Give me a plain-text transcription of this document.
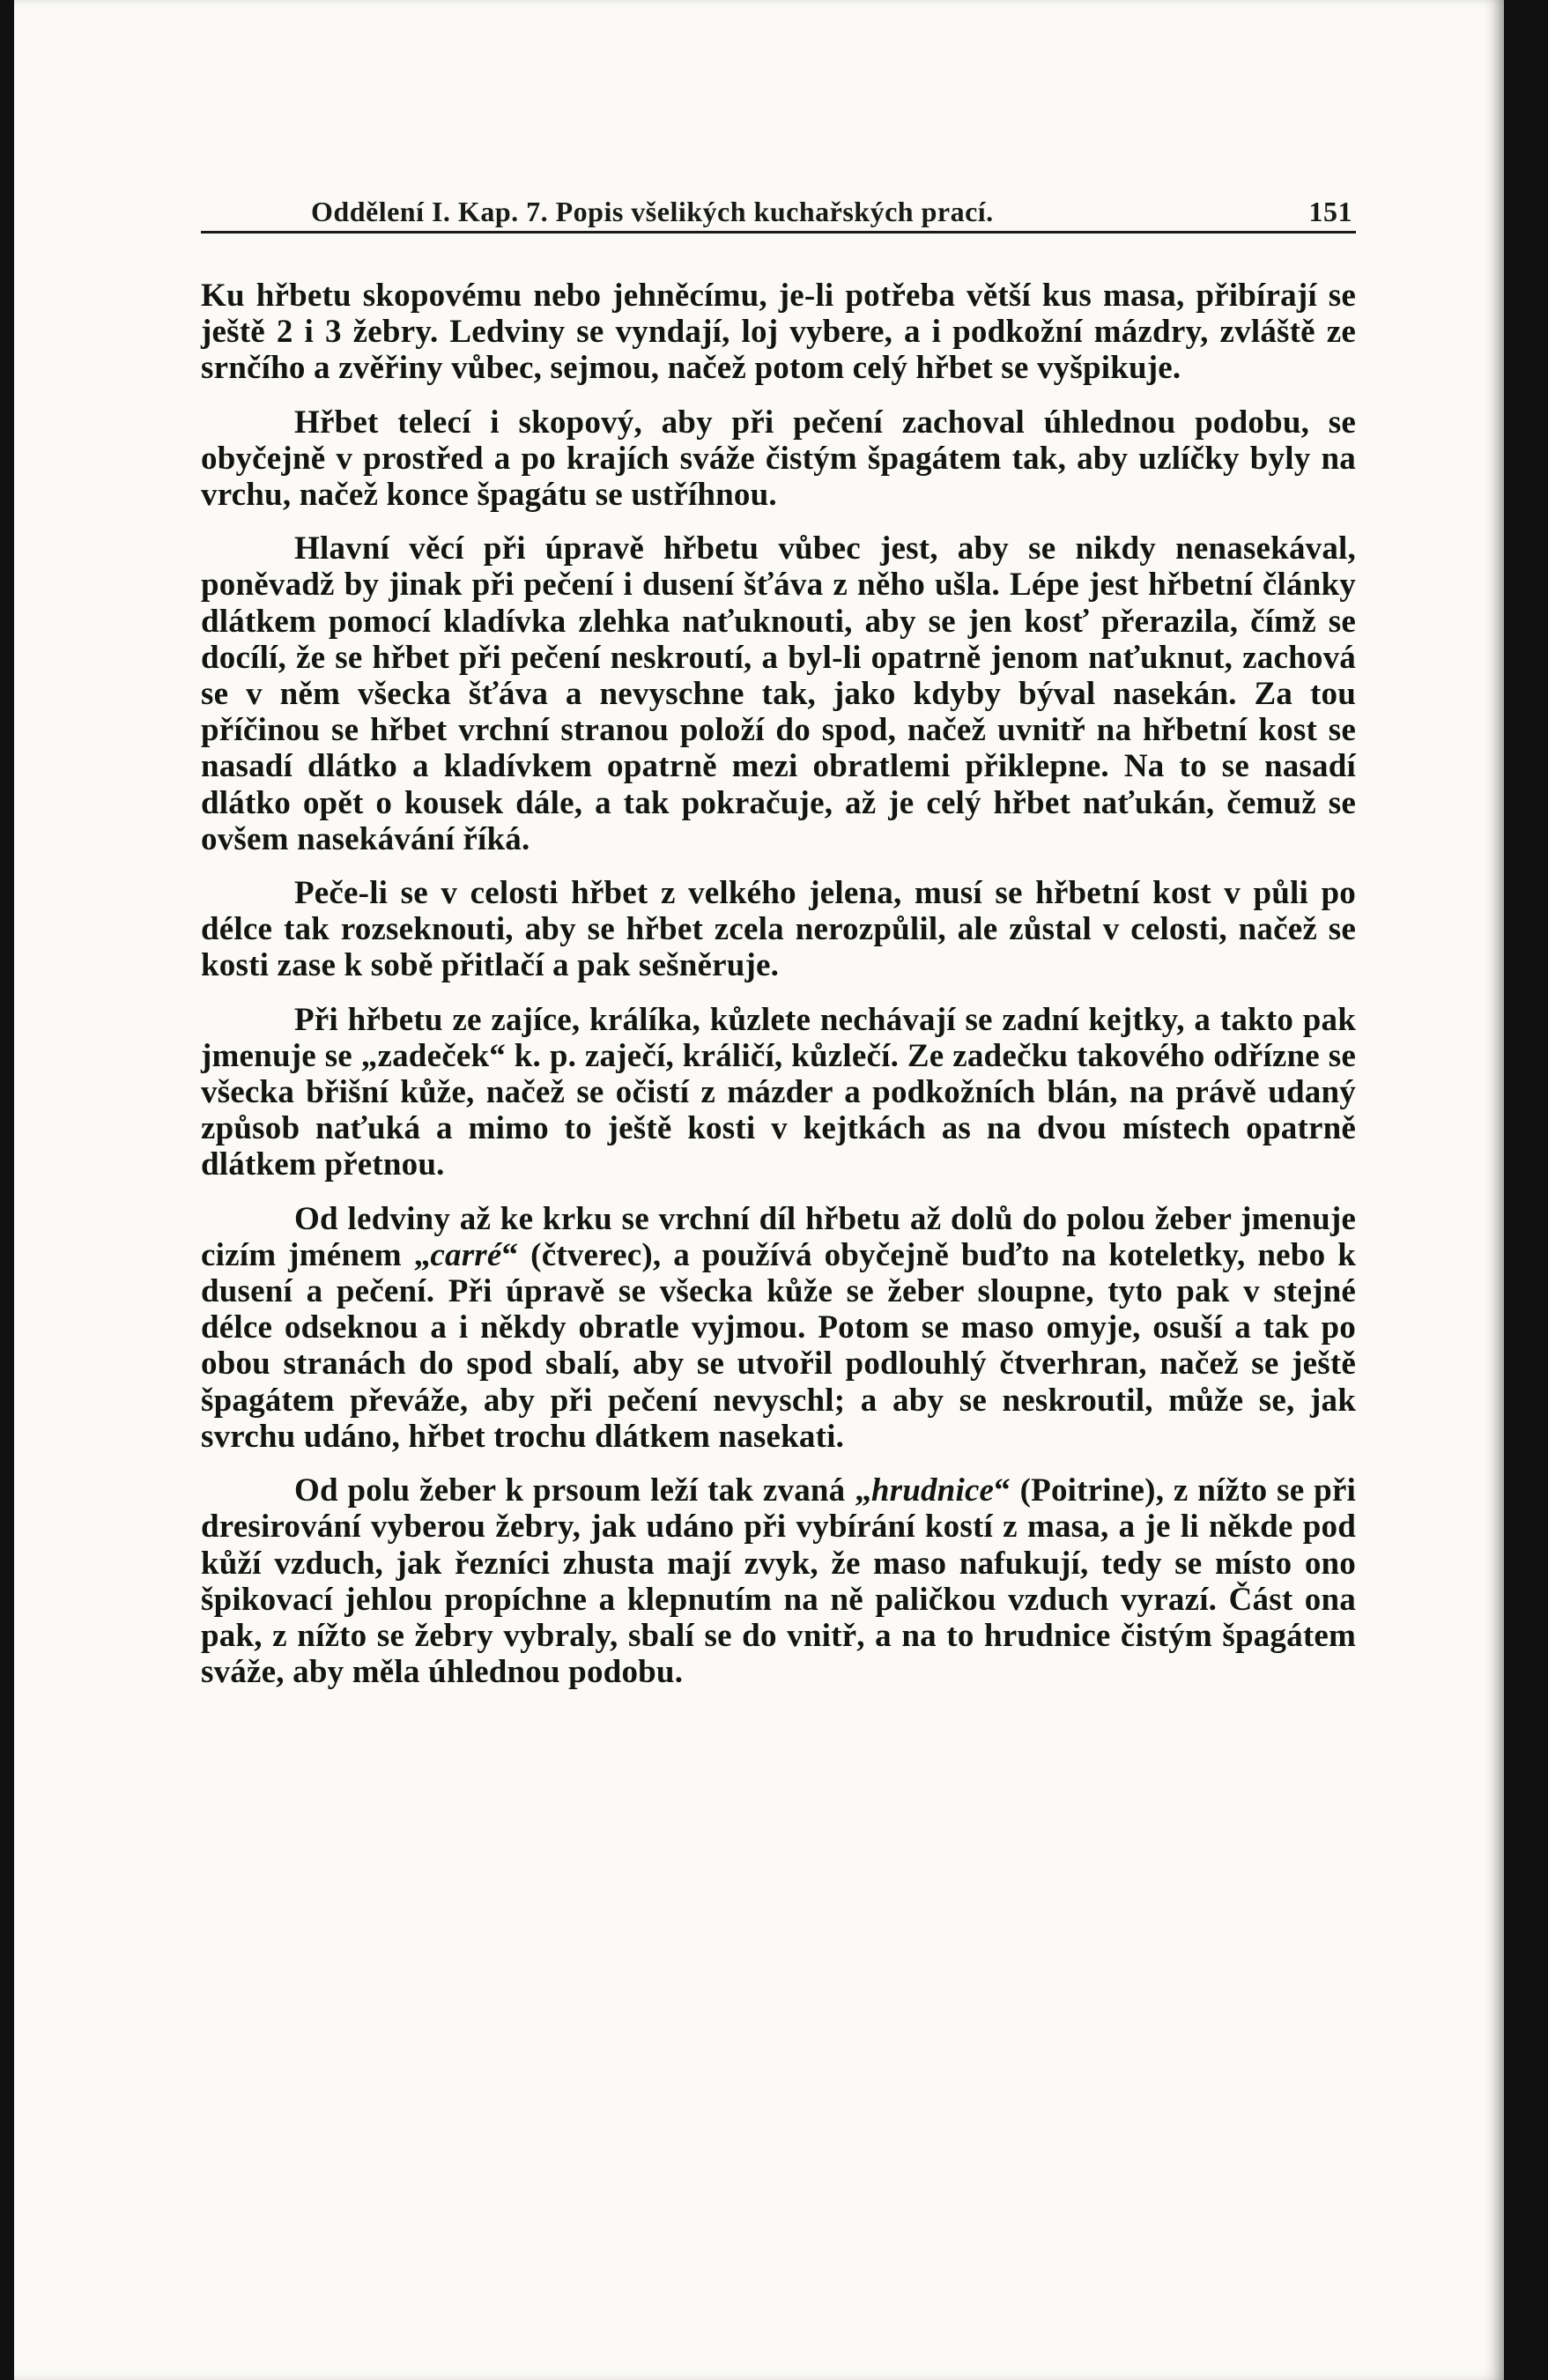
Oddělení I. Kap. 7. Popis všelikých kuchařských prací.	151

Ku hřbetu skopovému nebo jehněcímu, je-li potřeba větší kus masa, přibírají se ještě 2 i 3 žebry. Ledviny se vyndají, loj vybere, a i podkožní mázdry, zvláště ze srnčího a zvěřiny vůbec, sejmou, načež potom celý hřbet se vyšpikuje.

Hřbet telecí i skopový, aby při pečení zachoval úhlednou podobu, se obyčejně v prostřed a po krajích sváže čistým špagátem tak, aby uzlíčky byly na vrchu, načež konce špagátu se ustříhnou.

Hlavní věcí při úpravě hřbetu vůbec jest, aby se nikdy nenasekával, poněvadž by jinak při pečení i dusení šťáva z něho ušla. Lépe jest hřbetní články dlátkem pomocí kladívka zlehka naťuknouti, aby se jen kosť přerazila, čímž se docílí, že se hřbet při pečení neskroutí, a byl-li opatrně jenom naťuknut, zachová se v něm všecka šťáva a nevyschne tak, jako kdyby býval nasekán. Za tou příčinou se hřbet vrchní stranou položí do spod, načež uvnitř na hřbetní kost se nasadí dlátko a kladívkem opatrně mezi obratlemi přiklepne. Na to se nasadí dlátko opět o kousek dále, a tak pokračuje, až je celý hřbet naťukán, čemuž se ovšem nasekávání říká.

Peče-li se v celosti hřbet z velkého jelena, musí se hřbetní kost v půli po délce tak rozseknouti, aby se hřbet zcela nerozpůlil, ale zůstal v celosti, načež se kosti zase k sobě přitlačí a pak sešněruje.

Při hřbetu ze zajíce, králíka, kůzlete nechávají se zadní kejtky, a takto pak jmenuje se „zadeček“ k. p. zaječí, králičí, kůzlečí. Ze zadečku takového odřízne se všecka břišní kůže, načež se očistí z mázder a podkožních blán, na právě udaný způsob naťuká a mimo to ještě kosti v kejtkách as na dvou místech opatrně dlátkem přetnou.

Od ledviny až ke krku se vrchní díl hřbetu až dolů do polou žeber jmenuje cizím jménem „carré“ (čtverec), a používá obyčejně buďto na koteletky, nebo k dusení a pečení. Při úpravě se všecka kůže se žeber sloupne, tyto pak v stejné délce odseknou a i někdy obratle vyjmou. Potom se maso omyje, osuší a tak po obou stranách do spod sbalí, aby se utvořil podlouhlý čtverhran, načež se ještě špagátem převáže, aby při pečení nevyschl; a aby se neskroutil, může se, jak svrchu udáno, hřbet trochu dlátkem nasekati.

Od polu žeber k prsoum leží tak zvaná „hrudnice“ (Poitrine), z nížto se při dresirování vyberou žebry, jak udáno při vybírání kostí z masa, a je li někde pod kůží vzduch, jak řezníci zhusta mají zvyk, že maso nafukují, tedy se místo ono špikovací jehlou propíchne a klepnutím na ně paličkou vzduch vyrazí. Část ona pak, z nížto se žebry vybraly, sbalí se do vnitř, a na to hrudnice čistým špagátem sváže, aby měla úhlednou podobu.
